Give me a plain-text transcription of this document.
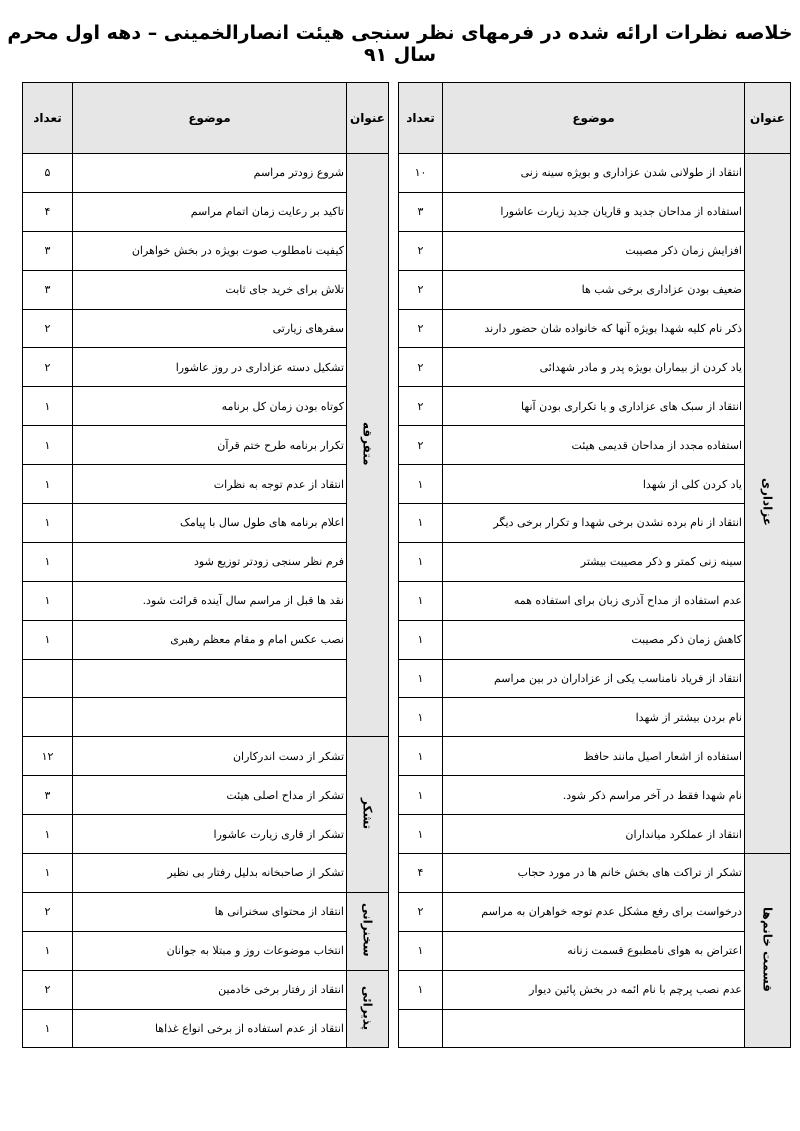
خلاصه نظرات ارائه شده در فرمهای نظر سنجی هیئت انصارالخمینی – دهه اول محرم سال ۹۱
عنوان	موضوع	تعداد
عزاداری	انتقاد از طولانی شدن عزاداری و بویژه سینه زنی	۱۰
	استفاده از مداحان جدید و قاریان جدید زیارت عاشورا	۳
	افزایش زمان ذکر مصیبت	۲
	ضعیف بودن عزاداری برخی شب ها	۲
	ذکر نام کلیه شهدا بویژه آنها که خانواده شان حضور دارند	۲
	یاد کردن از بیماران بویژه پدر و مادر شهدائی	۲
	انتقاد از سبک های عزاداری و یا تکراری بودن آنها	۲
	استفاده مجدد از مداحان قدیمی هیئت	۲
	یاد کردن کلی از شهدا	۱
	انتقاد از نام برده نشدن برخی شهدا و تکرار برخی دیگر	۱
	سینه زنی کمتر و ذکر مصیبت بیشتر	۱
	عدم استفاده از مداح آذری زبان برای استفاده همه	۱
	کاهش زمان ذکر مصیبت	۱
	انتقاد از فریاد نامناسب یکی از عزاداران در بین مراسم	۱
	نام بردن بیشتر از شهدا	۱
	استفاده از اشعار اصیل مانند حافظ	۱
	نام شهدا فقط در آخر مراسم ذکر شود.	۱
	انتقاد از عملکرد میانداران	۱
قسمت خانم‌ها	تشکر از تراکت های بخش خانم ها در مورد حجاب	۴
	درخواست برای رفع مشکل عدم توجه خواهران به مراسم	۲
	اعتراض به هوای نامطبوع قسمت زنانه	۱
	عدم نصب پرچم با نام ائمه در بخش پائین دیوار	۱

عنوان	موضوع	تعداد
متفرقه	شروع زودتر مراسم	۵
	تاکید بر رعایت زمان اتمام مراسم	۴
	کیفیت نامطلوب صوت بویژه در بخش خواهران	۳
	تلاش برای خرید جای ثابت	۳
	سفرهای زیارتی	۲
	تشکیل دسته عزاداری در روز عاشورا	۲
	کوتاه بودن زمان کل برنامه	۱
	تکرار برنامه طرح ختم قرآن	۱
	انتقاد از عدم توجه به نظرات	۱
	اعلام برنامه های طول سال با پیامک	۱
	فرم نظر سنجی زودتر توزیع شود	۱
	نقد ها قبل از مراسم سال آینده قرائت شود.	۱
	نصب عکس امام و مقام معظم رهبری	۱

تشکر	تشکر از دست اندرکاران	۱۲
	تشکر از مداح اصلی هیئت	۳
	تشکر از قاری زیارت عاشورا	۱
	تشکر از صاحبخانه بدلیل رفتار بی نظیر	۱
سخنرانی	انتقاد از محتوای سخنرانی ها	۲
	انتخاب موضوعات روز و مبتلا به جوانان	۱
پذیرائی	انتقاد از رفتار برخی خادمین	۲
	انتقاد از عدم استفاده از برخی انواع غذاها	۱
